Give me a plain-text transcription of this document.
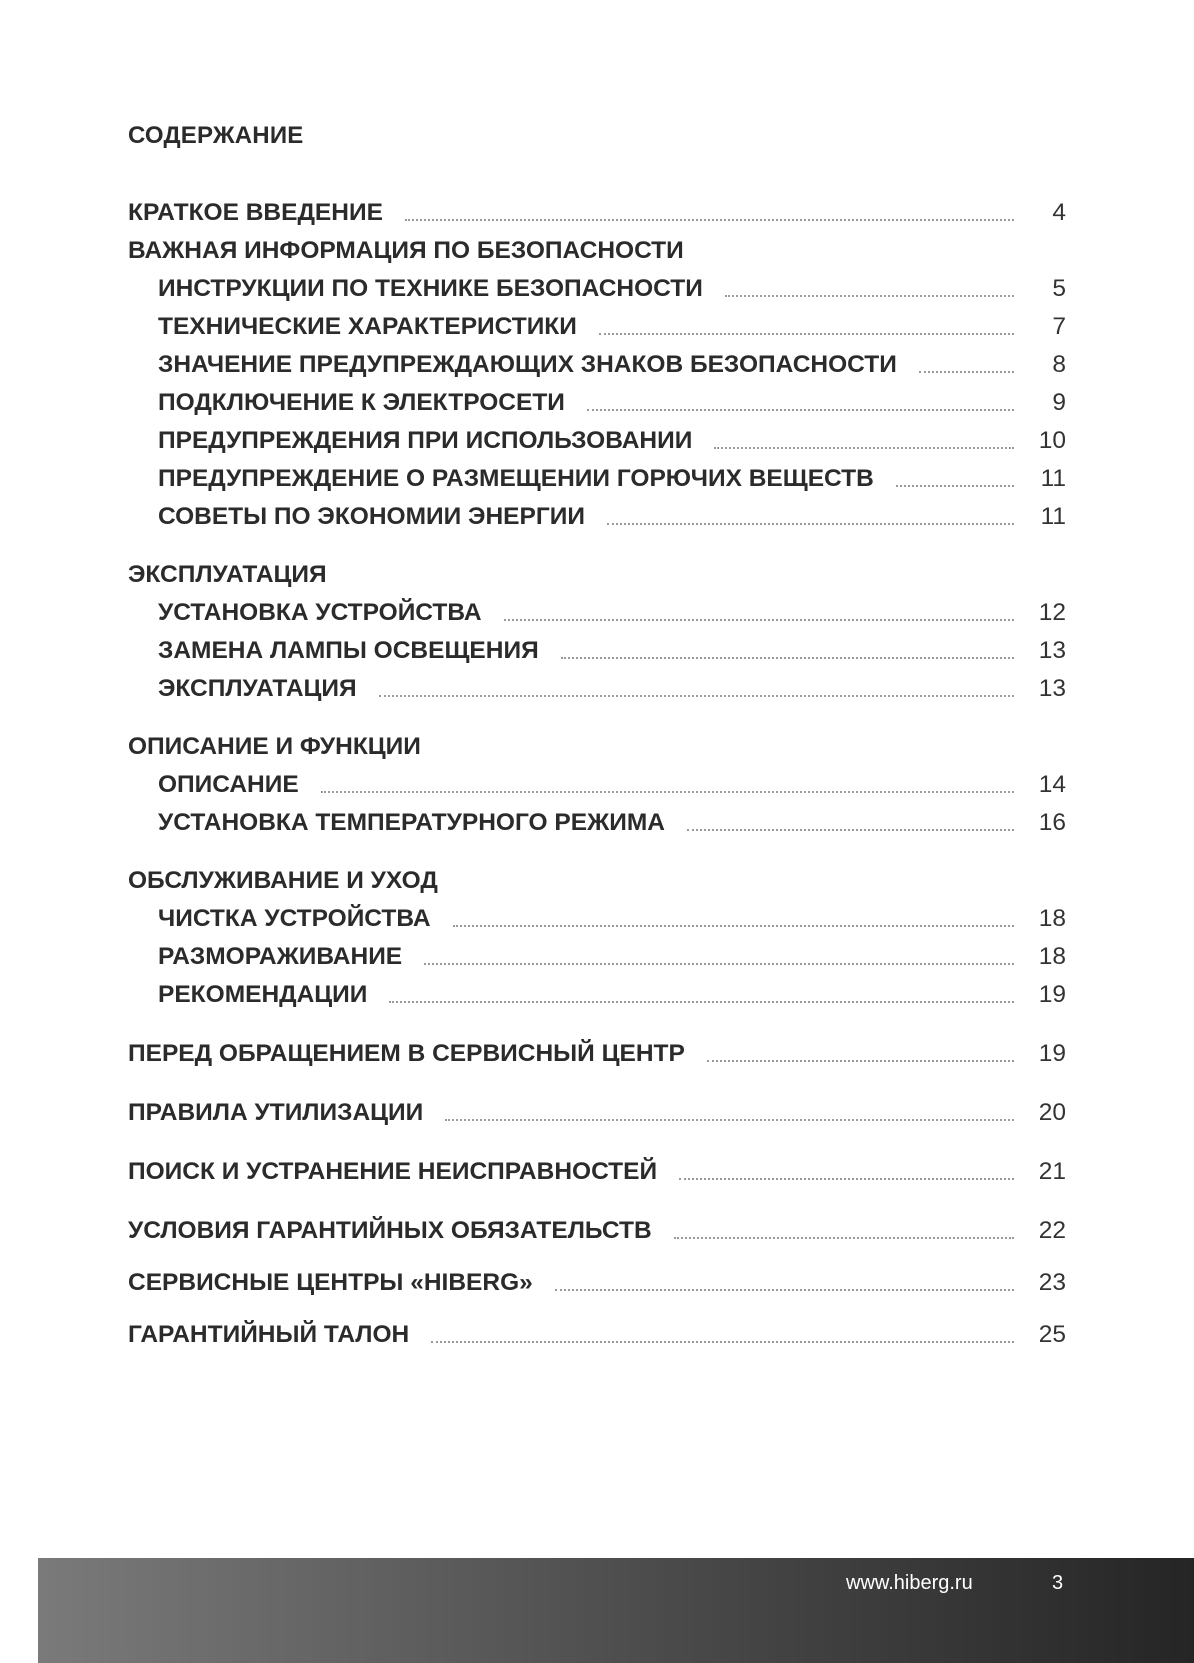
СОДЕРЖАНИЕ
КРАТКОЕ ВВЕДЕНИЕ	4
ВАЖНАЯ ИНФОРМАЦИЯ ПО БЕЗОПАСНОСТИ
ИНСТРУКЦИИ ПО ТЕХНИКЕ БЕЗОПАСНОСТИ	5
ТЕХНИЧЕСКИЕ ХАРАКТЕРИСТИКИ	7
ЗНАЧЕНИЕ ПРЕДУПРЕЖДАЮЩИХ ЗНАКОВ БЕЗОПАСНОСТИ	8
ПОДКЛЮЧЕНИЕ К ЭЛЕКТРОСЕТИ	9
ПРЕДУПРЕЖДЕНИЯ ПРИ ИСПОЛЬЗОВАНИИ	10
ПРЕДУПРЕЖДЕНИЕ О РАЗМЕЩЕНИИ ГОРЮЧИХ ВЕЩЕСТВ	11
СОВЕТЫ ПО ЭКОНОМИИ ЭНЕРГИИ	11
ЭКСПЛУАТАЦИЯ
УСТАНОВКА УСТРОЙСТВА	12
ЗАМЕНА ЛАМПЫ ОСВЕЩЕНИЯ	13
ЭКСПЛУАТАЦИЯ	13
ОПИСАНИЕ И ФУНКЦИИ
ОПИСАНИЕ	14
УСТАНОВКА ТЕМПЕРАТУРНОГО РЕЖИМА	16
ОБСЛУЖИВАНИЕ И УХОД
ЧИСТКА УСТРОЙСТВА	18
РАЗМОРАЖИВАНИЕ	18
РЕКОМЕНДАЦИИ	19
ПЕРЕД ОБРАЩЕНИЕМ В СЕРВИСНЫЙ ЦЕНТР	19
ПРАВИЛА УТИЛИЗАЦИИ	20
ПОИСК И УСТРАНЕНИЕ НЕИСПРАВНОСТЕЙ	21
УСЛОВИЯ ГАРАНТИЙНЫХ ОБЯЗАТЕЛЬСТВ	22
СЕРВИСНЫЕ ЦЕНТРЫ «HIBERG»	23
ГАРАНТИЙНЫЙ ТАЛОН	25
www.hiberg.ru	3
